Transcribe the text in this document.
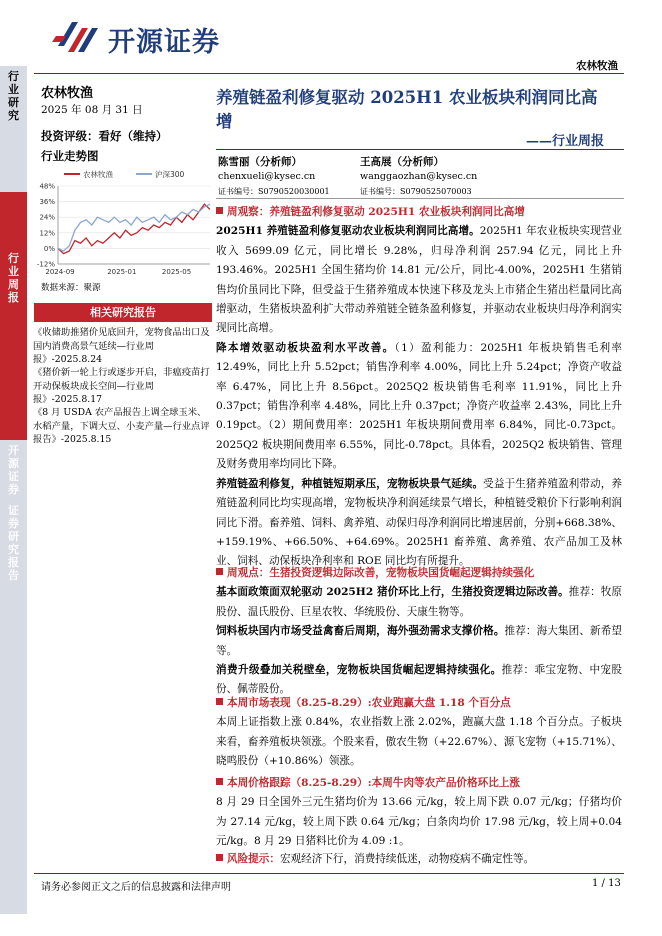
行
业
研
究
行
业
周
报
开
源
证
券
证
券
研
究
报
告
开源证券
农林牧渔
农林牧渔
2025 年 08 月 31 日
投资评级：看好（维持）
行业走势图
农林牧渔	沪深300
48%
36%
24%
12%
0%
-12%
2024-09	2025-01	2025-05
数据来源：聚源
相关研究报告
《收储助推猪价见底回升，宠物食品出口及国内消费高景气延续—行业周报》-2025.8.24
《猪价新一轮上行或逐步开启，非瘟疫苗打开动保板块成长空间—行业周报》-2025.8.17
《8 月 USDA 农产品报告上调全球玉米、水稻产量，下调大豆、小麦产量—行业点评报告》-2025.8.15
养殖链盈利修复驱动 2025H1 农业板块利润同比高
增
——行业周报
陈雪丽（分析师）
chenxueli@kysec.cn
证书编号：S0790520030001
王高展（分析师）
wanggaozhan@kysec.cn
证书编号：S0790525070003
周观察：养殖链盈利修复驱动 2025H1 农业板块利润同比高增
2025H1 养殖链盈利修复驱动农业板块利润同比高增。2025H1 年农业板块实现营业收入 5699.09 亿元，同比增长 9.28%，归母净利润 257.94 亿元，同比上升 193.46%。2025H1 全国生猪均价 14.81 元/公斤，同比-4.00%，2025H1 生猪销售均价虽同比下降，但受益于生猪养殖成本快速下移及龙头上市猪企生猪出栏量同比高增驱动，生猪板块盈利扩大带动养殖链全链条盈利修复，并驱动农业板块归母净利润实现同比高增。
降本增效驱动板块盈利水平改善。（1）盈利能力：2025H1 年板块销售毛利率 12.49%，同比上升 5.52pct；销售净利率 4.00%，同比上升 5.24pct；净资产收益率 6.47%，同比上升 8.56pct。2025Q2 板块销售毛利率 11.91%，同比上升 0.37pct；销售净利率 4.48%，同比上升 0.37pct；净资产收益率 2.43%，同比上升 0.19pct。（2）期间费用率：2025H1 年板块期间费用率 6.84%，同比-0.73pct。2025Q2 板块期间费用率 6.55%，同比-0.78pct。具体看，2025Q2 板块销售、管理及财务费用率均同比下降。
养殖链盈利修复，种植链短期承压，宠物板块景气延续。受益于生猪养殖盈利带动，养殖链盈利同比均实现高增，宠物板块净利润延续景气增长，种植链受粮价下行影响利润同比下滑。畜养殖、饲料、禽养殖、动保归母净利润同比增速居前，分别+668.38%、+159.19%、+66.50%、+64.69%。2025H1 畜养殖、禽养殖、农产品加工及林业、饲料、动保板块净利率和 ROE 同比均有所提升。
周观点：生猪投资逻辑边际改善，宠物板块国货崛起逻辑持续强化
基本面政策面双轮驱动 2025H2 猪价环比上行，生猪投资逻辑边际改善。推荐：牧原股份、温氏股份、巨星农牧、华统股份、天康生物等。
饲料板块国内市场受益禽畜后周期，海外强劲需求支撑价格。推荐：海大集团、新希望等。
消费升级叠加关税壁垒，宠物板块国货崛起逻辑持续强化。推荐：乖宝宠物、中宠股份、佩蒂股份。
本周市场表现（8.25-8.29）:农业跑赢大盘 1.18 个百分点
本周上证指数上涨 0.84%，农业指数上涨 2.02%，跑赢大盘 1.18 个百分点。子板块来看，畜养殖板块领涨。个股来看，傲农生物（+22.67%）、源飞宠物（+15.71%）、晓鸣股份（+10.86%）领涨。
本周价格跟踪（8.25-8.29）:本周牛肉等农产品价格环比上涨
8 月 29 日全国外三元生猪均价为 13.66 元/kg，较上周下跌 0.07 元/kg；仔猪均价为 27.14 元/kg，较上周下跌 0.64 元/kg；白条肉均价 17.98 元/kg，较上周+0.04 元/kg。8 月 29 日猪料比价为 4.09 :1。
风险提示：宏观经济下行，消费持续低迷，动物疫病不确定性等。
请务必参阅正文之后的信息披露和法律声明	1 / 13
